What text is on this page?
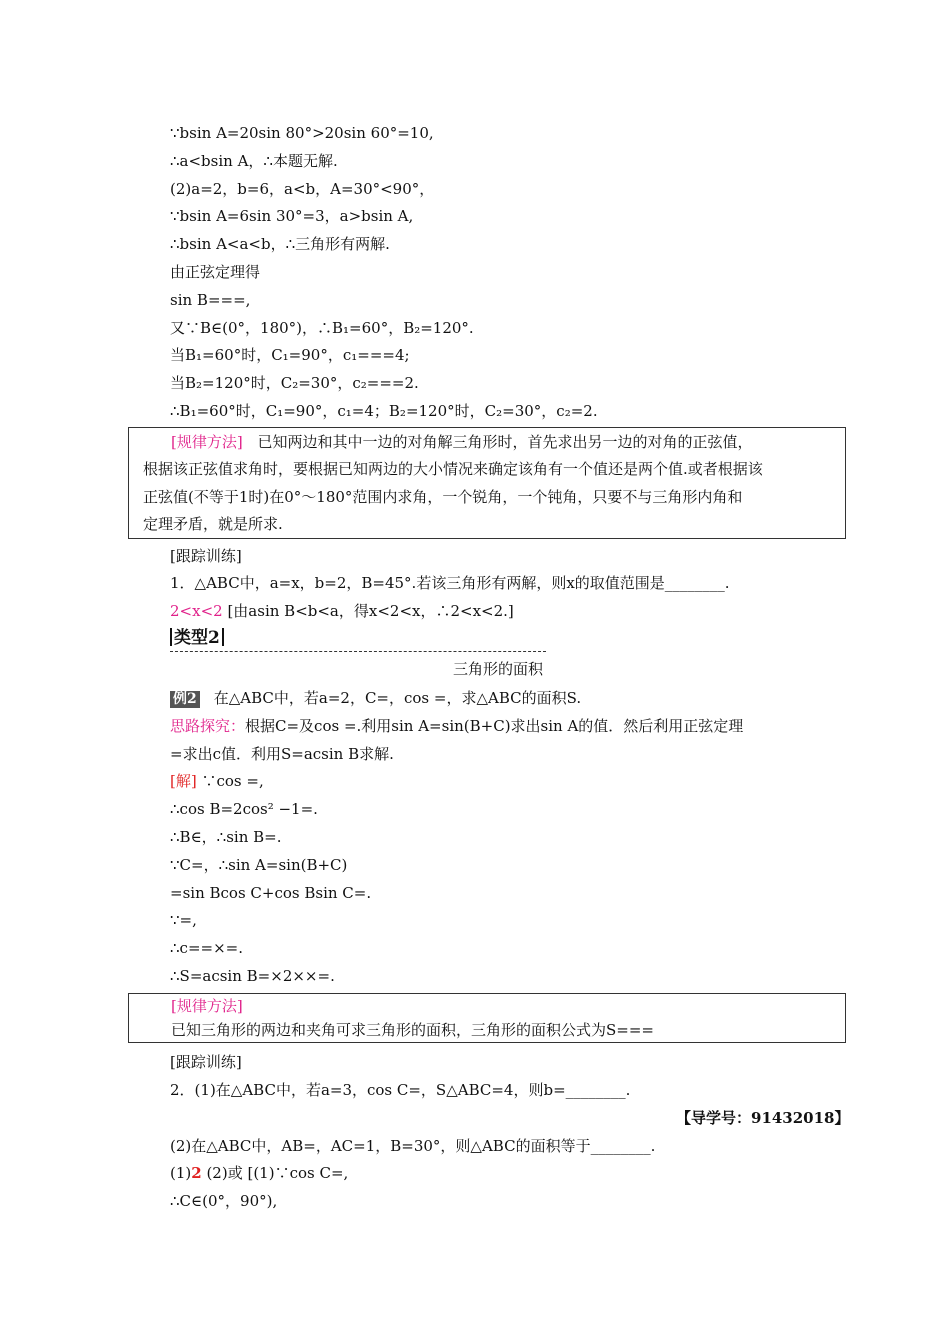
∵bsin A=20sin 80°>20sin 60°=10,
∴a<bsin A，∴本题无解.
(2)a=2，b=6，a<b，A=30°<90°，
∵bsin A=6sin 30°=3，a>bsin A,
∴bsin A<a<b，∴三角形有两解.
由正弦定理得
sin B===,
又∵B∈(0°，180°)，∴B₁=60°，B₂=120°.
当B₁=60°时，C₁=90°，c₁===4;
当B₂=120°时，C₂=30°，c₂===2.
∴B₁=60°时，C₁=90°，c₁=4；B₂=120°时，C₂=30°，c₂=2.
[规律方法] 已知两边和其中一边的对角解三角形时，首先求出另一边的对角的正弦值，
根据该正弦值求角时，要根据已知两边的大小情况来确定该角有一个值还是两个值.或者根据该
正弦值(不等于1时)在0°～180°范围内求角，一个锐角，一个钝角，只要不与三角形内角和
定理矛盾，就是所求.
[跟踪训练]
1．△ABC中，a=x，b=2，B=45°.若该三角形有两解，则x的取值范围是________.
2<x<2 [由asin B<b<a，得x<2<x，∴2<x<2.]
类型2
三角形的面积
例2 在△ABC中，若a=2，C=，cos =，求△ABC的面积S.
思路探究：根据C=及cos =.利用sin A=sin(B+C)求出sin A的值．然后利用正弦定理
=求出c值．利用S=acsin B求解.
[解] ∵cos =,
∴cos B=2cos² −1=.
∴B∈，∴sin B=.
∵C=，∴sin A=sin(B+C)
=sin Bcos C+cos Bsin C=.
∵=,
∴c==×=.
∴S=acsin B=×2××=.
[规律方法]
已知三角形的两边和夹角可求三角形的面积，三角形的面积公式为S===
[跟踪训练]
2．(1)在△ABC中，若a=3，cos C=，S△ABC=4，则b=________.
【导学号：91432018】
(2)在△ABC中，AB=，AC=1，B=30°，则△ABC的面积等于________.
(1)2 (2)或 [(1)∵cos C=,
∴C∈(0°，90°),
